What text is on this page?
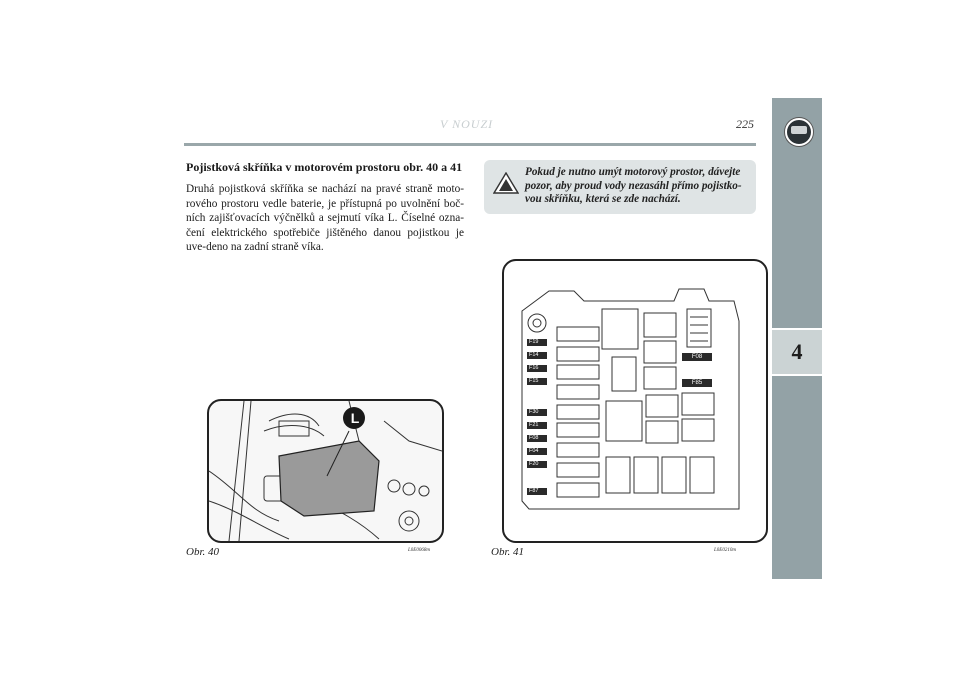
4
V NOUZI	225
Pojistková skříňka v motorovém prostoru obr. 40 a 41

Druhá pojistková skříňka se nachází na pravé straně moto-rového prostoru vedle baterie, je přístupná po uvolnění boč-ních zajišťovacích výčnělků a sejmutí víka L. Číselné ozna-čení elektrického spotřebiče jištěného danou pojistkou je uve-deno na zadní straně víka.

Pokud je nutno umýt motorový prostor, dávejte pozor, aby proud vody nezasáhl přímo pojistko-vou skříňku, která se zde nachází.

L
Obr. 40	L0E0068m
F19
F14
F16
F15
F30
F21
F08
F04
F20
F87
F08
F85
Obr. 41	L0E0210m
